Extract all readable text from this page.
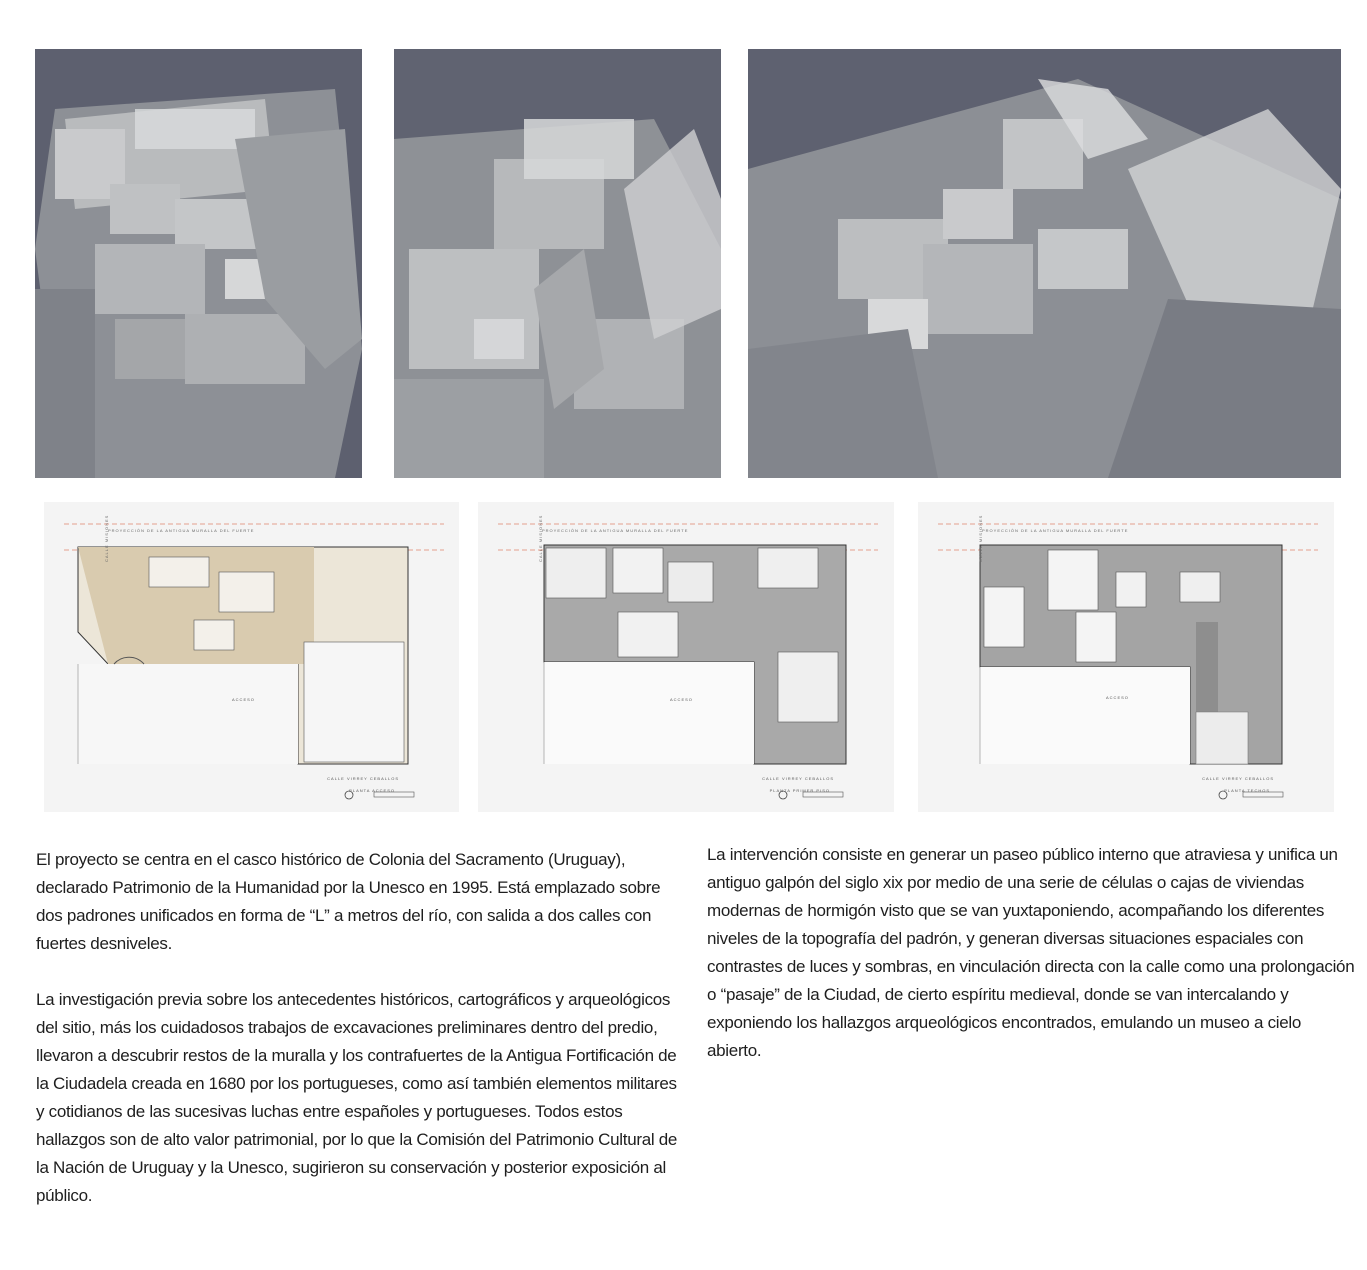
PROYECCIÓN DE LA ANTIGUA MURALLA DEL FUERTE
CALLE MISIONES
ACCESO
CALLE VIRREY CEBALLOS
PLANTA ACCESO
PROYECCIÓN DE LA ANTIGUA MURALLA DEL FUERTE
CALLE MISIONES
ACCESO
CALLE VIRREY CEBALLOS
PLANTA PRIMER PISO
PROYECCIÓN DE LA ANTIGUA MURALLA DEL FUERTE
CALLE MISIONES
ACCESO
CALLE VIRREY CEBALLOS
PLANTA TECHOS

El proyecto se centra en el casco histórico de Colonia del Sacramento (Uruguay), declarado Patrimonio de la Humanidad por la Unesco en 1995. Está emplazado sobre dos padrones unificados en forma de “L” a metros del río, con salida a dos calles con fuertes desniveles.

La investigación previa sobre los antecedentes históricos, cartográficos y arqueológicos del sitio, más los cuidadosos trabajos de excavaciones preliminares dentro del predio, llevaron a descubrir restos de la muralla y los contrafuertes de la Antigua Fortificación de la Ciudadela creada en 1680 por los portugueses, como así también elementos militares y cotidianos de las sucesivas luchas entre españoles y portugueses. Todos estos hallazgos son de alto valor patrimonial, por lo que la Comisión del Patrimonio Cultural de la Nación de Uruguay y la Unesco, sugirieron su conservación y posterior exposición al público.

La intervención consiste en generar un paseo público interno que atraviesa y unifica un antiguo galpón del siglo xix por medio de una serie de células o cajas de viviendas modernas de hormigón visto que se van yuxtaponiendo, acompañando los diferentes niveles de la topografía del padrón, y generan diversas situaciones espaciales con contrastes de luces y sombras, en vinculación directa con la calle como una prolongación o “pasaje” de la Ciudad, de cierto espíritu medieval, donde se van intercalando y exponiendo los hallazgos arqueológicos encontrados, emulando un museo a cielo abierto.
